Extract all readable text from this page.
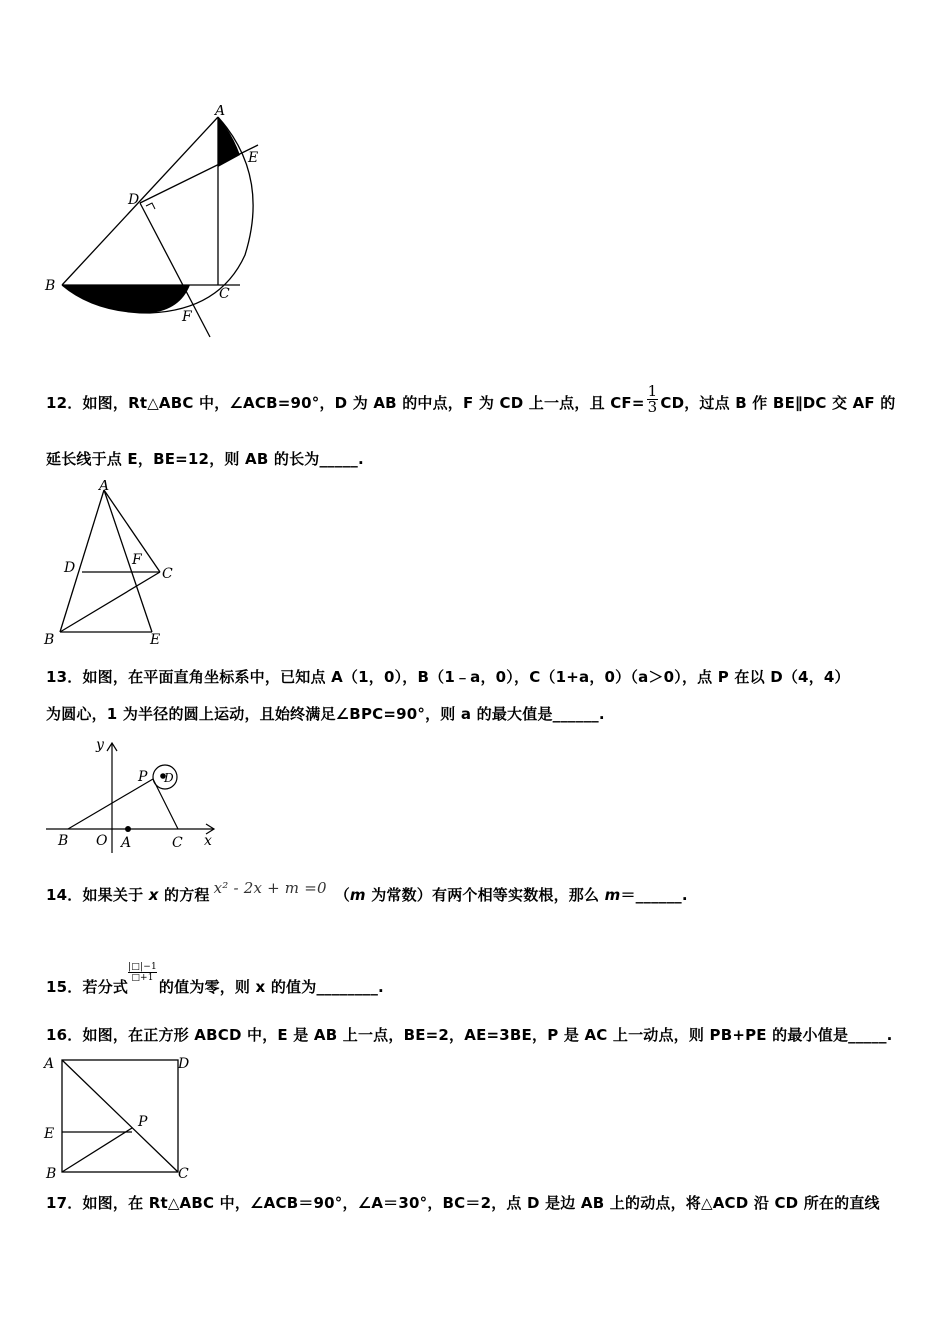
A
E
D
B	C
F
12．如图，Rt△ABC 中，∠ACB=90°，D 为 AB 的中点，F 为 CD 上一点，且 $CF= \frac{1}{3}$ CD，过点 B 作 BE∥DC 交 AF 的
延长线于点 E，BE=12，则 AB 的长为_____.
A
D	F
C
B	E
13．如图，在平面直角坐标系中，已知点 A（1，0），B（1﹣a，0），C（1+a，0）（a＞0），点 P 在以 D（4，4）
为圆心，1 为半径的圆上运动，且始终满足∠BPC=90°，则 a 的最大值是______.
y
P D
B O A	C x
14．如果关于 x 的方程 x² - 2x + m =0 （m 为常数）有两个相等实数根，那么 m＝______.
15．若分式
$\frac{|□|-1}{□+1}$
的值为零，则 x 的值为________.
16．如图，在正方形 ABCD 中，E 是 AB 上一点，BE=2，AE=3BE，P 是 AC 上一动点，则 PB+PE 的最小值是_____.
A	D
E
P
B	C
17．如图，在 Rt△ABC 中，∠ACB＝90°，∠A＝30°，BC＝2，点 D 是边 AB 上的动点，将△ACD 沿 CD 所在的直线
